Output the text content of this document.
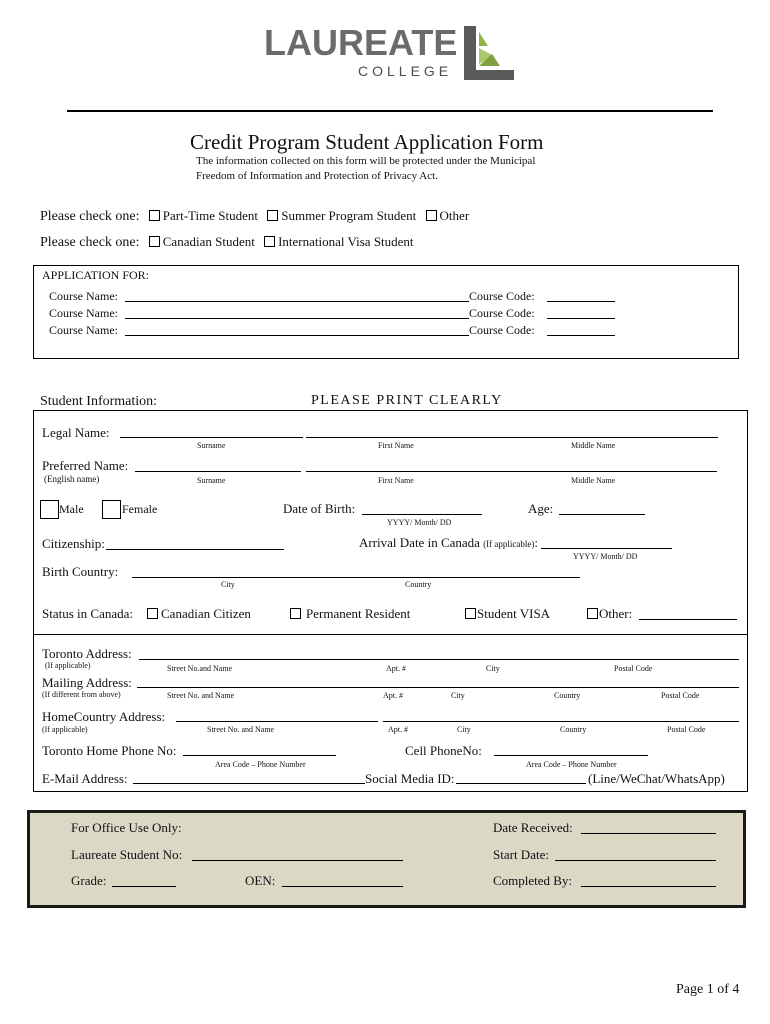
LAUREATE
COLLEGE
Credit Program Student Application Form
The information collected on this form will be protected under the Municipal
Freedom of Information and Protection of Privacy Act.
Please check one: Part-Time Student Summer Program Student Other
Please check one: Canadian Student International Visa Student
APPLICATION FOR:
Course Name:	Course Code:
Course Name:	Course Code:
Course Name:	Course Code:
Student Information:	PLEASE PRINT CLEARLY
Legal Name:
Surname	First Name	Middle Name
Preferred Name:
(English name)	Surname	First Name	Middle Name
Male	Female	Date of Birth:
YYYY/ Month/ DD
Age:
Citizenship:	Arrival Date in Canada (If applicable):
YYYY/ Month/ DD
Birth Country:
City	Country
Status in Canada:	Canadian Citizen	Permanent Resident	Student VISA	Other:
Toronto Address:
(If applicable)	Street No.and Name	Apt. #	City	Postal Code
Mailing Address:
(If different from above)	Street No. and Name	Apt. #	City	Country	Postal Code
HomeCountry Address:
(If applicable)	Street No. and Name	Apt. #	City	Country	Postal Code
Toronto Home Phone No:
Area Code – Phone Number
Cell PhoneNo:
Area Code – Phone Number
E-Mail Address:	Social Media ID:	(Line/WeChat/WhatsApp)
For Office Use Only:	Date Received:
Laureate Student No:	Start Date:
Grade:	OEN:	Completed By:
Page 1 of 4
